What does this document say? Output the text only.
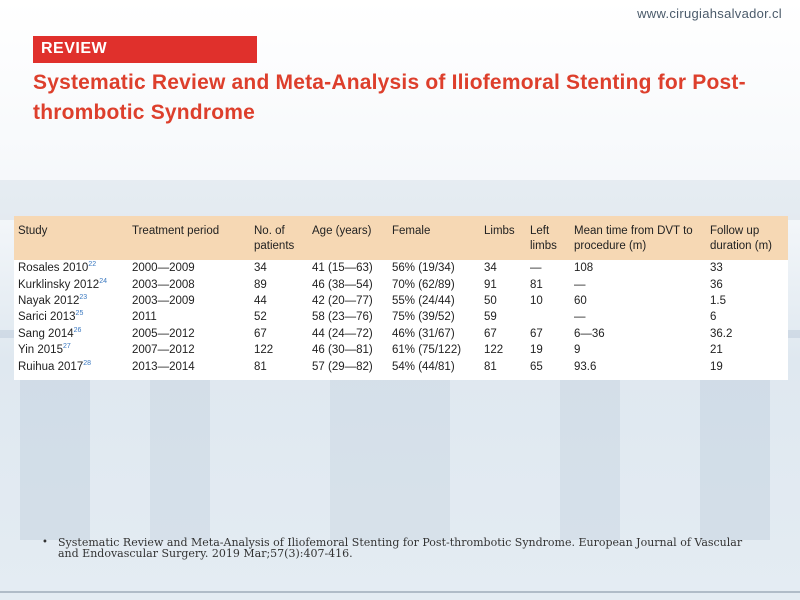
www.cirugiahsalvador.cl
REVIEW
Systematic Review and Meta-Analysis of Iliofemoral Stenting for Post-thrombotic Syndrome
Study	Treatment period	No. of patients	Age (years)	Female	Limbs	Left limbs	Mean time from DVT to procedure (m)	Follow up duration (m)
Rosales 2010$^{22}$	2000—2009	34	41 (15—63)	56% (19/34)	34	—	108	33
Kurklinsky 2012$^{24}$	2003—2008	89	46 (38—54)	70% (62/89)	91	81	—	36
Nayak 2012$^{23}$	2003—2009	44	42 (20—77)	55% (24/44)	50	10	60	1.5
Sarici 2013$^{25}$	2011	52	58 (23—76)	75% (39/52)	59		—	6
Sang 2014$^{26}$	2005—2012	67	44 (24—72)	46% (31/67)	67	67	6—36	36.2
Yin 2015$^{27}$	2007—2012	122	46 (30—81)	61% (75/122)	122	19	9	21
Ruihua 2017$^{28}$	2013—2014	81	57 (29—82)	54% (44/81)	81	65	93.6	19
• Systematic Review and Meta-Analysis of Iliofemoral Stenting for Post-thrombotic Syndrome. European Journal of Vascular and Endovascular Surgery. 2019 Mar;57(3):407-416.
